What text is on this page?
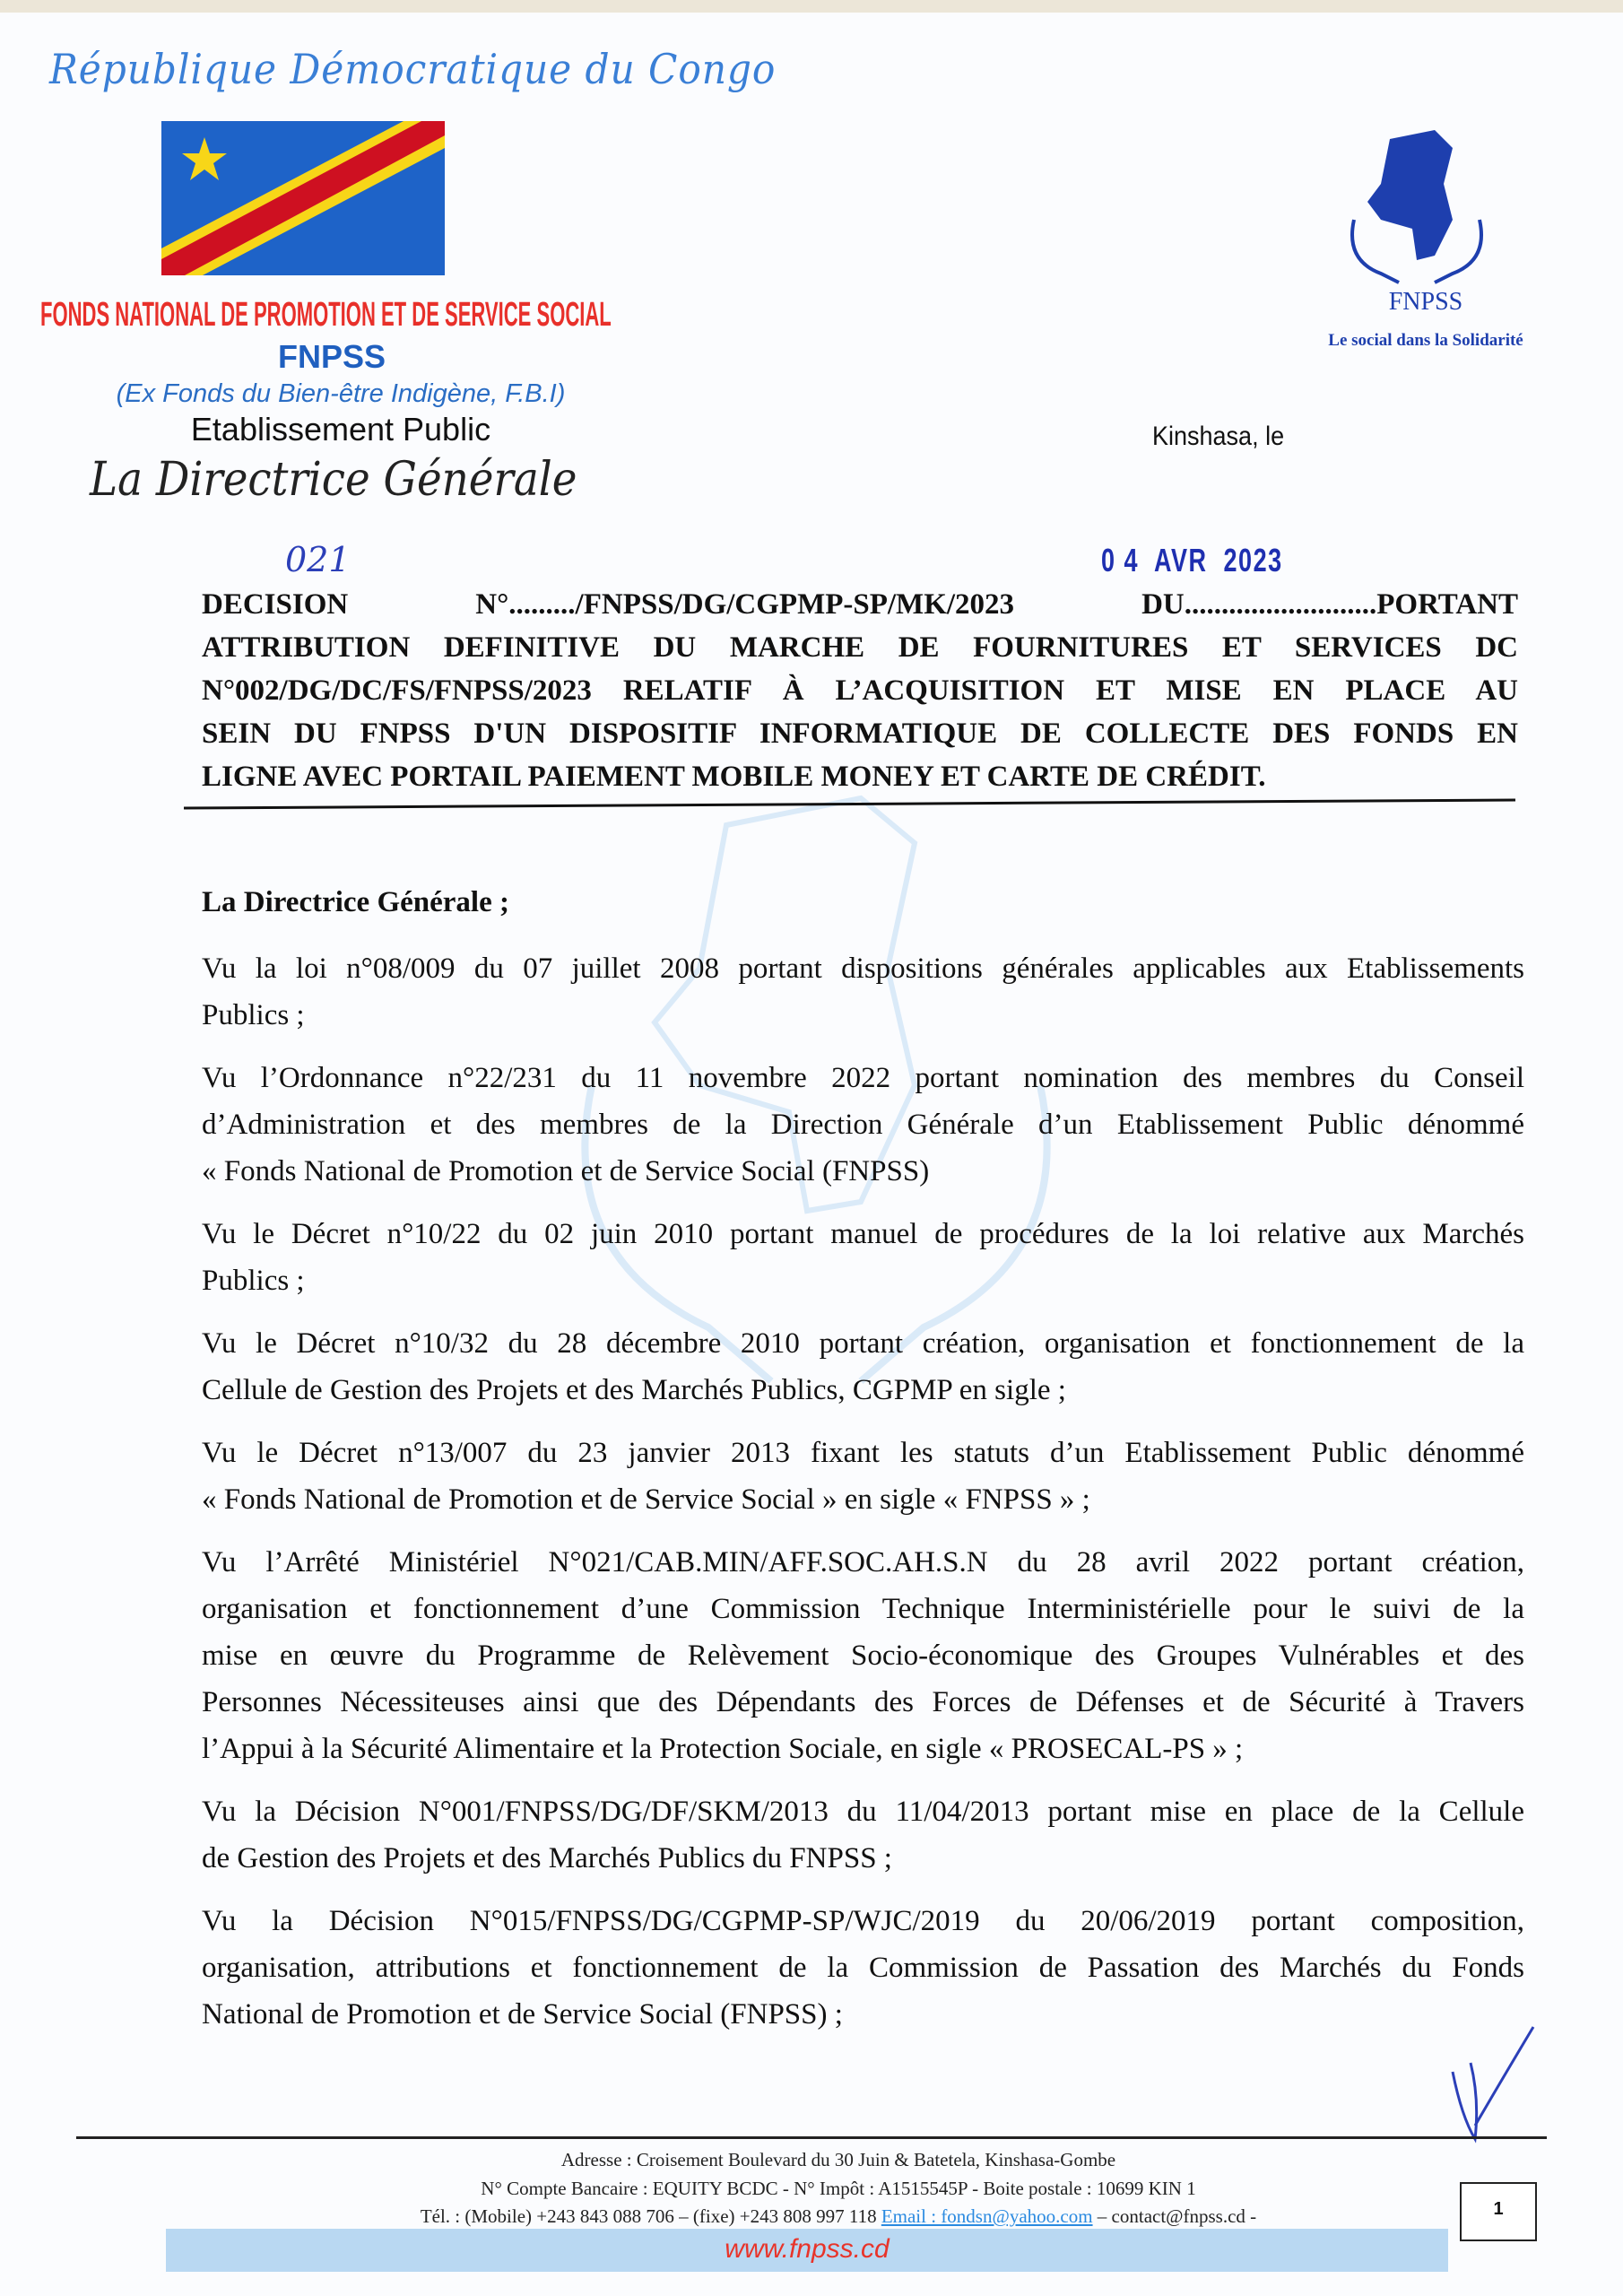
République Démocratique du Congo
FONDS NATIONAL DE PROMOTION ET DE SERVICE SOCIAL
FNPSS
(Ex Fonds du Bien-être Indigène, F.B.I)
Etablissement Public
La Directrice Générale
FNPSS
Le social dans la Solidarité
Kinshasa, le
DECISION N°........./FNPSS/DG/CGPMP-SP/MK/2023 DU..........................PORTANT
ATTRIBUTION DEFINITIVE DU MARCHE DE FOURNITURES ET SERVICES DC
N°002/DG/DC/FS/FNPSS/2023 RELATIF À L’ACQUISITION ET MISE EN PLACE AU
SEIN DU FNPSS D'UN DISPOSITIF INFORMATIQUE DE COLLECTE DES FONDS EN
LIGNE AVEC PORTAIL PAIEMENT MOBILE MONEY ET CARTE DE CRÉDIT.
021	0 4  AVR  2023
La Directrice Générale ;
Vu la loi n°08/009 du 07 juillet 2008 portant dispositions générales applicables aux Etablissements
Publics ;
Vu l’Ordonnance n°22/231 du 11 novembre 2022 portant nomination des membres du Conseil
d’Administration et des membres de la Direction Générale d’un Etablissement Public dénommé
« Fonds National de Promotion et de Service Social (FNPSS)
Vu le Décret n°10/22 du 02 juin 2010 portant manuel de procédures de la loi relative aux Marchés
Publics ;
Vu le Décret n°10/32 du 28 décembre 2010 portant création, organisation et fonctionnement de la
Cellule de Gestion des Projets et des Marchés Publics, CGPMP en sigle ;
Vu le Décret n°13/007 du 23 janvier 2013 fixant les statuts d’un Etablissement Public dénommé
« Fonds National de Promotion et de Service Social » en sigle « FNPSS » ;
Vu l’Arrêté Ministériel N°021/CAB.MIN/AFF.SOC.AH.S.N du 28 avril 2022 portant création,
organisation et fonctionnement d’une Commission Technique Interministérielle pour le suivi de la
mise en œuvre du Programme de Relèvement Socio-économique des Groupes Vulnérables et des
Personnes Nécessiteuses ainsi que des Dépendants des Forces de Défenses et de Sécurité à Travers
l’Appui à la Sécurité Alimentaire et la Protection Sociale, en sigle « PROSECAL-PS » ;
Vu la Décision N°001/FNPSS/DG/DF/SKM/2013 du 11/04/2013 portant mise en place de la Cellule
de Gestion des Projets et des Marchés Publics du FNPSS ;
Vu la Décision N°015/FNPSS/DG/CGPMP-SP/WJC/2019 du 20/06/2019 portant composition,
organisation, attributions et fonctionnement de la Commission de Passation des Marchés du Fonds
National de Promotion et de Service Social (FNPSS) ;
Adresse : Croisement Boulevard du 30 Juin & Batetela, Kinshasa-Gombe
N° Compte Bancaire : EQUITY BCDC - N° Impôt : A1515545P - Boite postale : 10699 KIN 1
Tél. : (Mobile) +243 843 088 706 – (fixe) +243 808 997 118 Email : fondsn@yahoo.com – contact@fnpss.cd -
www.fnpss.cd
1
